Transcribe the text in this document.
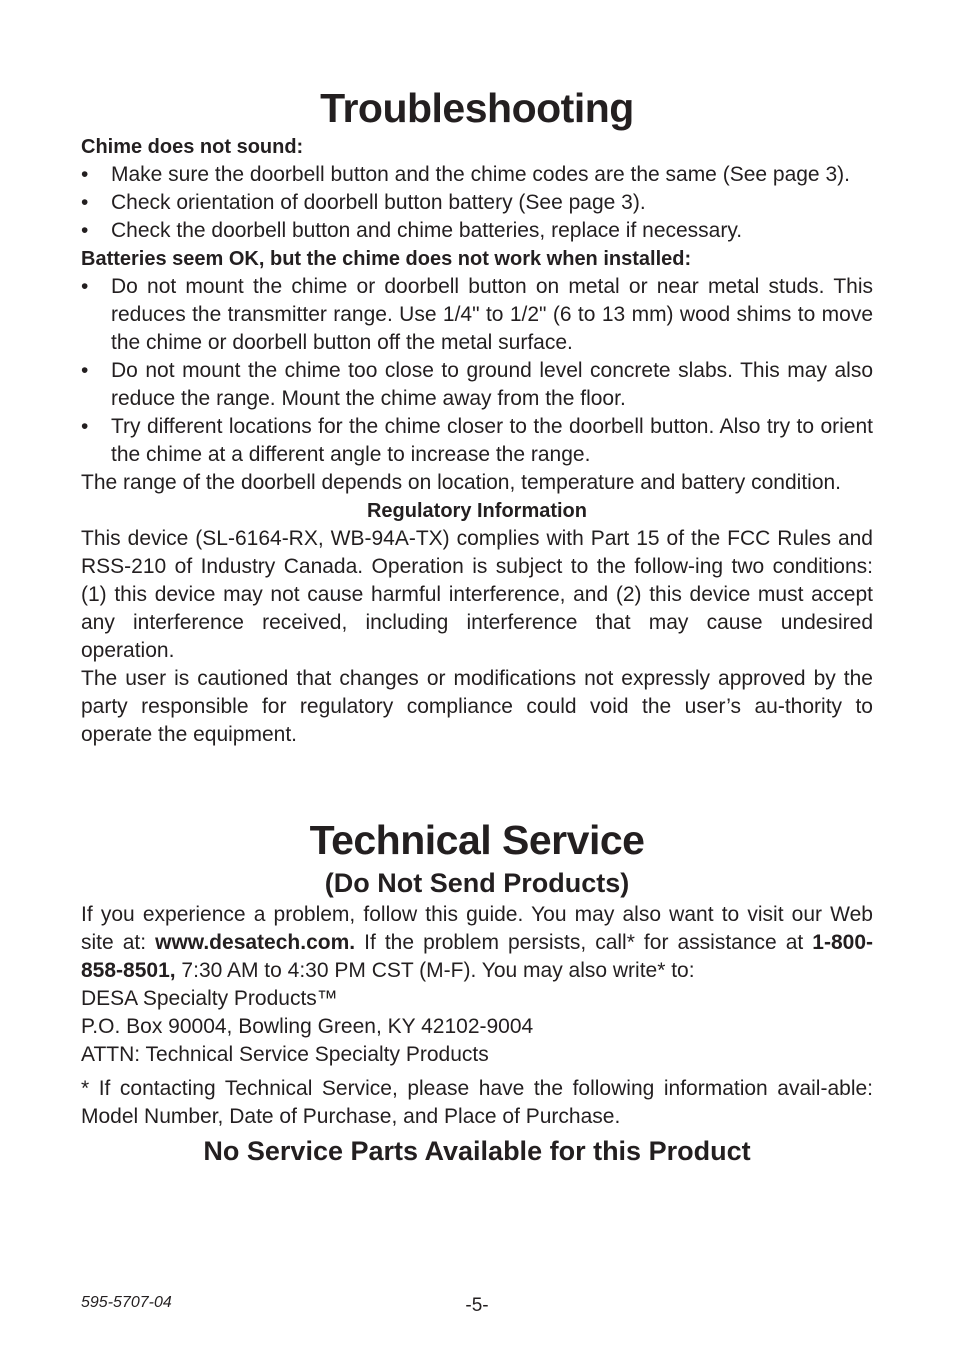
Troubleshooting
Chime does not sound:
• Make sure the doorbell button and the chime codes are the same (See page 3).
• Check orientation of doorbell button battery (See page 3).
• Check the doorbell button and chime batteries, replace if necessary.
Batteries seem OK, but the chime does not work when installed:
• Do not mount the chime or doorbell button on metal or near metal studs. This reduces the transmitter range. Use 1/4" to 1/2" (6 to 13 mm) wood shims to move the chime or doorbell button off the metal surface.
• Do not mount the chime too close to ground level concrete slabs. This may also reduce the range. Mount the chime away from the floor.
• Try different locations for the chime closer to the doorbell button. Also try to orient the chime at a different angle to increase the range.
The range of the doorbell depends on location, temperature and battery condition.
Regulatory Information
This device (SL-6164-RX, WB-94A-TX) complies with Part 15 of the FCC Rules and RSS-210 of Industry Canada. Operation is subject to the follow-ing two conditions: (1) this device may not cause harmful interference, and (2) this device must accept any interference received, including interference that may cause undesired operation.
The user is cautioned that changes or modifications not expressly approved by the party responsible for regulatory compliance could void the user’s au-thority to operate the equipment.
Technical Service
(Do Not Send Products)
If you experience a problem, follow this guide. You may also want to visit our Web site at: www.desatech.com. If the problem persists, call* for assistance at 1-800-858-8501, 7:30 AM to 4:30 PM CST (M-F). You may also write* to:
DESA Specialty Products™
P.O. Box 90004, Bowling Green, KY 42102-9004
ATTN: Technical Service Specialty Products
* If contacting Technical Service, please have the following information avail-able: Model Number, Date of Purchase, and Place of Purchase.
No Service Parts Available for this Product
595-5707-04	-5-
